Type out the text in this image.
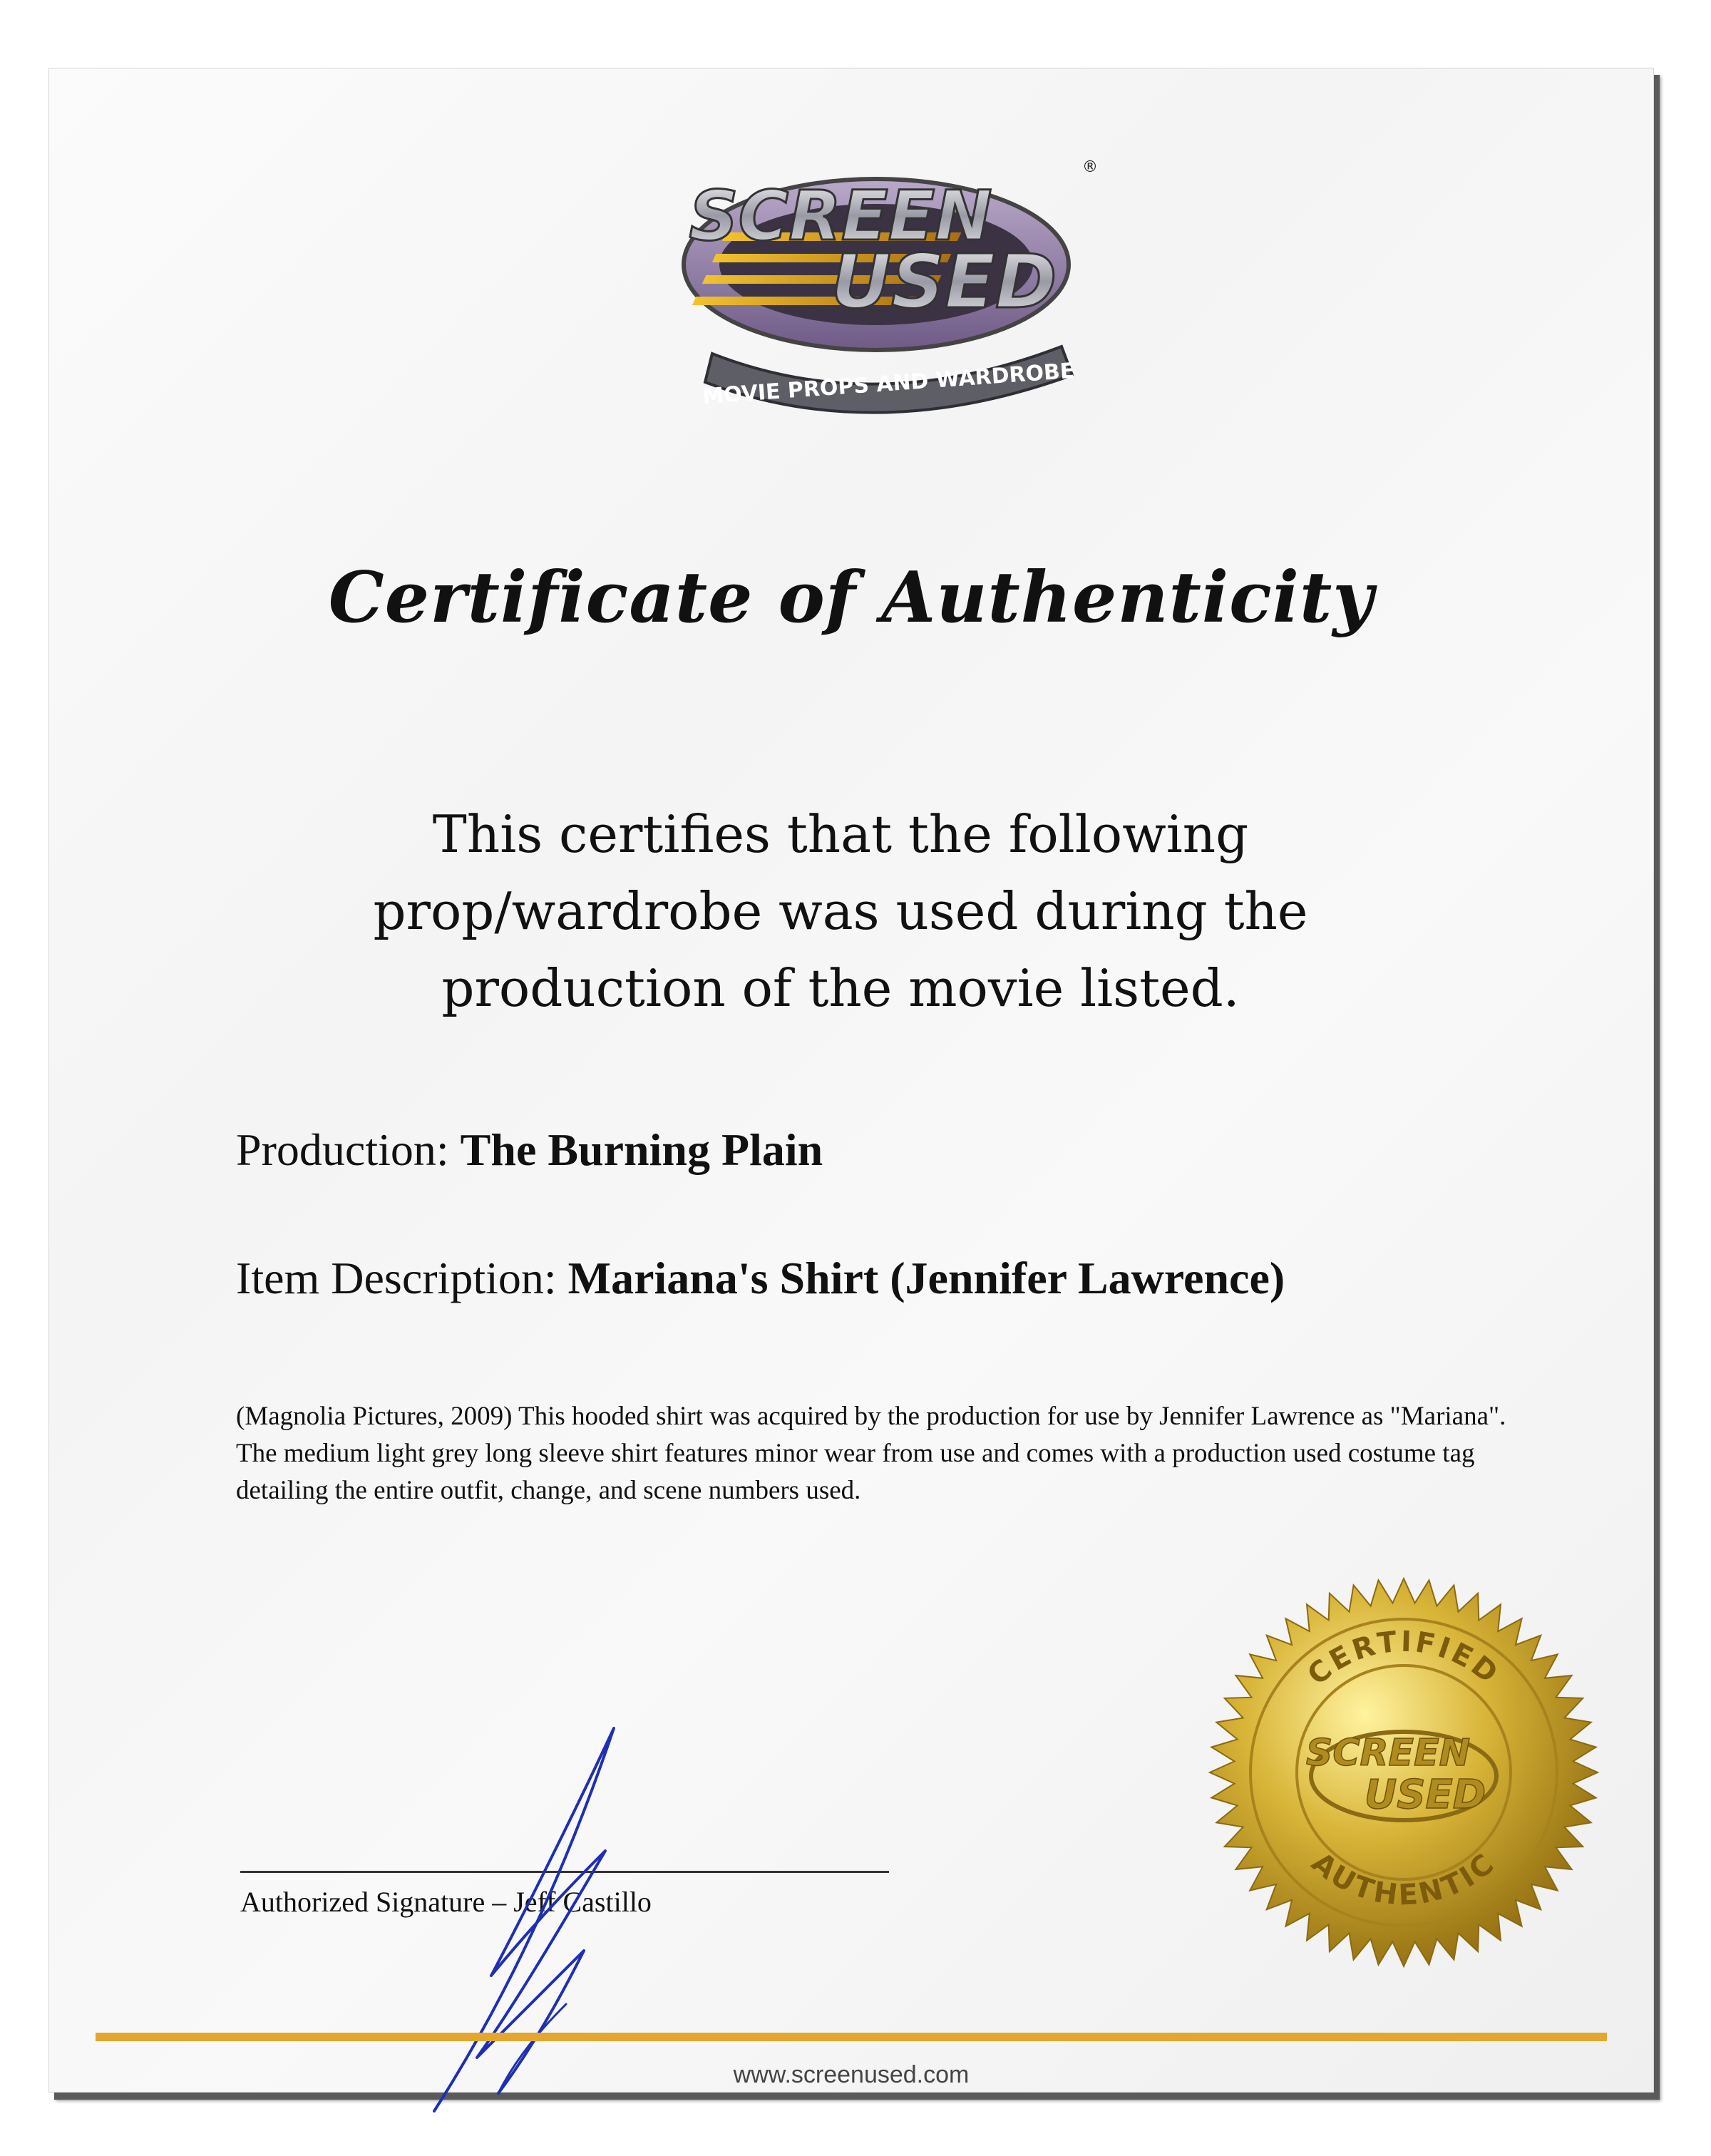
SCREEN
USED
®
MOVIE PROPS AND WARDROBE
Certificate of Authenticity
This certifies that the following prop/wardrobe was used during the production of the movie listed.
Production: The Burning Plain
Item Description: Mariana's Shirt (Jennifer Lawrence)
(Magnolia Pictures, 2009) This hooded shirt was acquired by the production for use by Jennifer Lawrence as "Mariana". The medium light grey long sleeve shirt features minor wear from use and comes with a production used costume tag detailing the entire outfit, change, and scene numbers used.
Authorized Signature – Jeff Castillo
CERTIFIED
AUTHENTIC
SCREEN
USED
www.screenused.com
